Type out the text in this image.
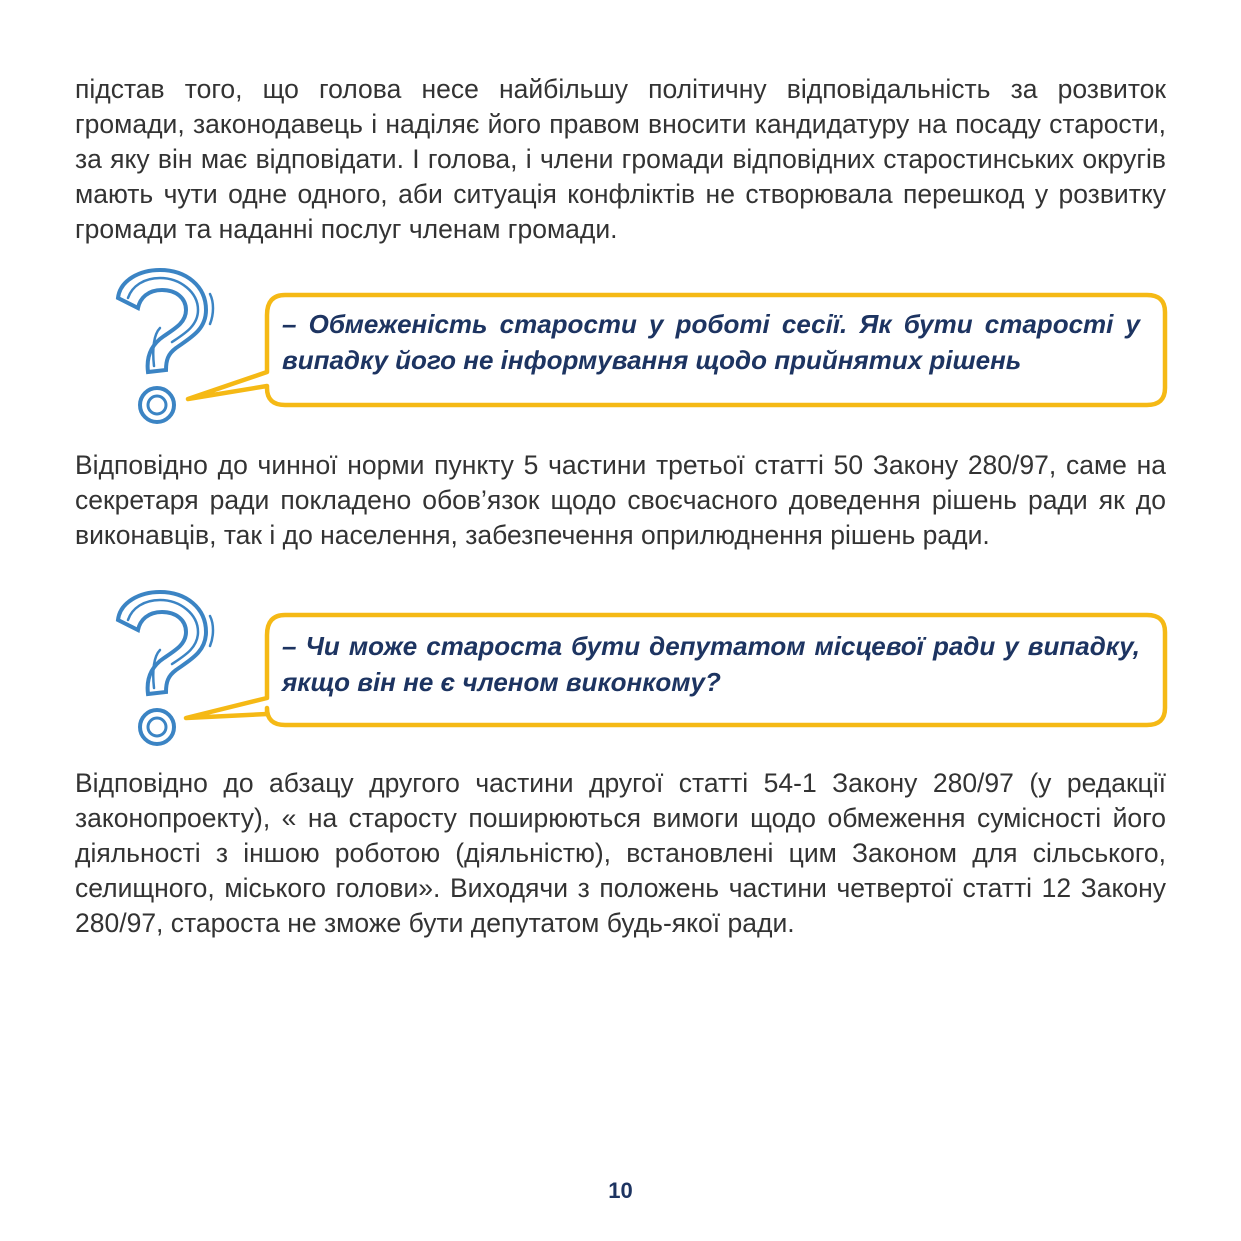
підстав того, що голова несе найбільшу політичну відповідальність за розвиток громади, законодавець і наділяє його правом вносити кандидатуру на посаду старости, за яку він має відповідати. І голова, і члени громади відповідних старостинських округів мають чути одне одного, аби ситуація конфліктів не створювала перешкод у розвитку громади та наданні послуг членам громади.

– Обмеженість старости у роботі сесії. Як бути старості у випадку його не інформування щодо прийнятих рішень

Відповідно до чинної норми пункту 5 частини третьої статті 50 Закону 280/97, саме на секретаря ради покладено обов’язок щодо своєчасного доведення рішень ради як до виконавців, так і до населення, забезпечення оприлюднення рішень ради.

– Чи може староста бути депутатом місцевої ради у випадку, якщо він не є членом виконкому?

Відповідно до абзацу другого частини другої статті 54-1 Закону 280/97 (у редакції законопроекту), « на старосту поширюються вимоги щодо обмеження сумісності його діяльності з іншою роботою (діяльністю), встановлені цим Законом для сільського, селищного, міського голови». Виходячи з положень частини четвертої статті 12 Закону 280/97, староста не зможе бути депутатом будь-якої ради.

10
